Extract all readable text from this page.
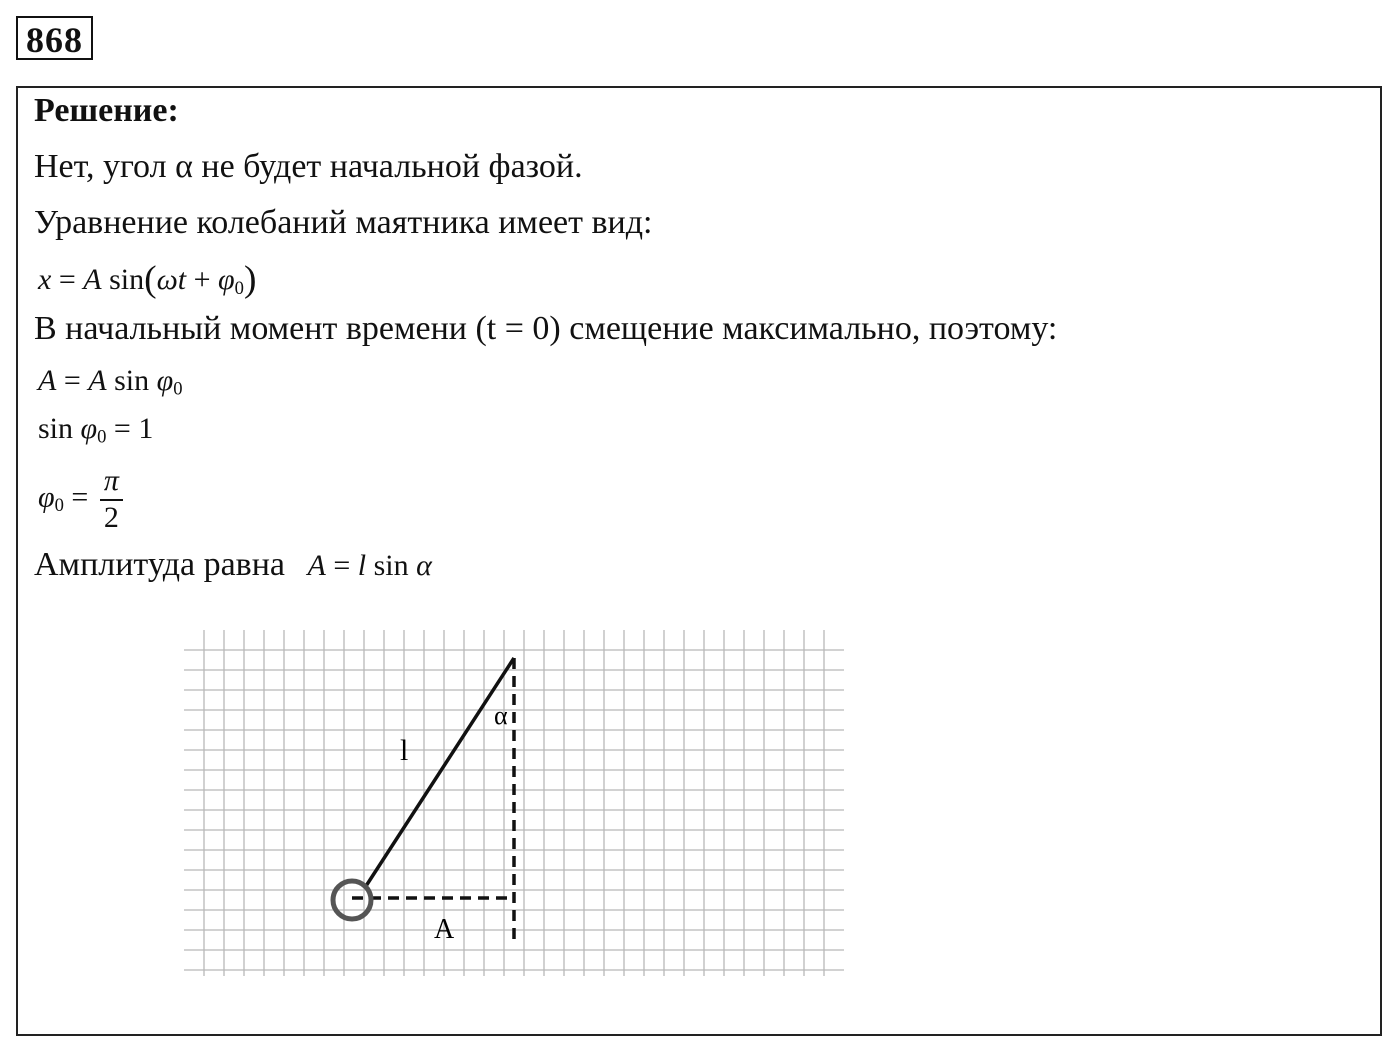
868
Решение:
Нет, угол α не будет начальной фазой.
Уравнение колебаний маятника имеет вид:
x = A $\sin(\omega t + \varphi_0)$
В начальный момент времени (t = 0) смещение максимально, поэтому:
A = A $\sin \varphi_0$
$\sin \varphi_0 = 1$
$\varphi_0 = \frac{\pi}{2}$
Амплитуда равна A = l sin α
l
α
A
